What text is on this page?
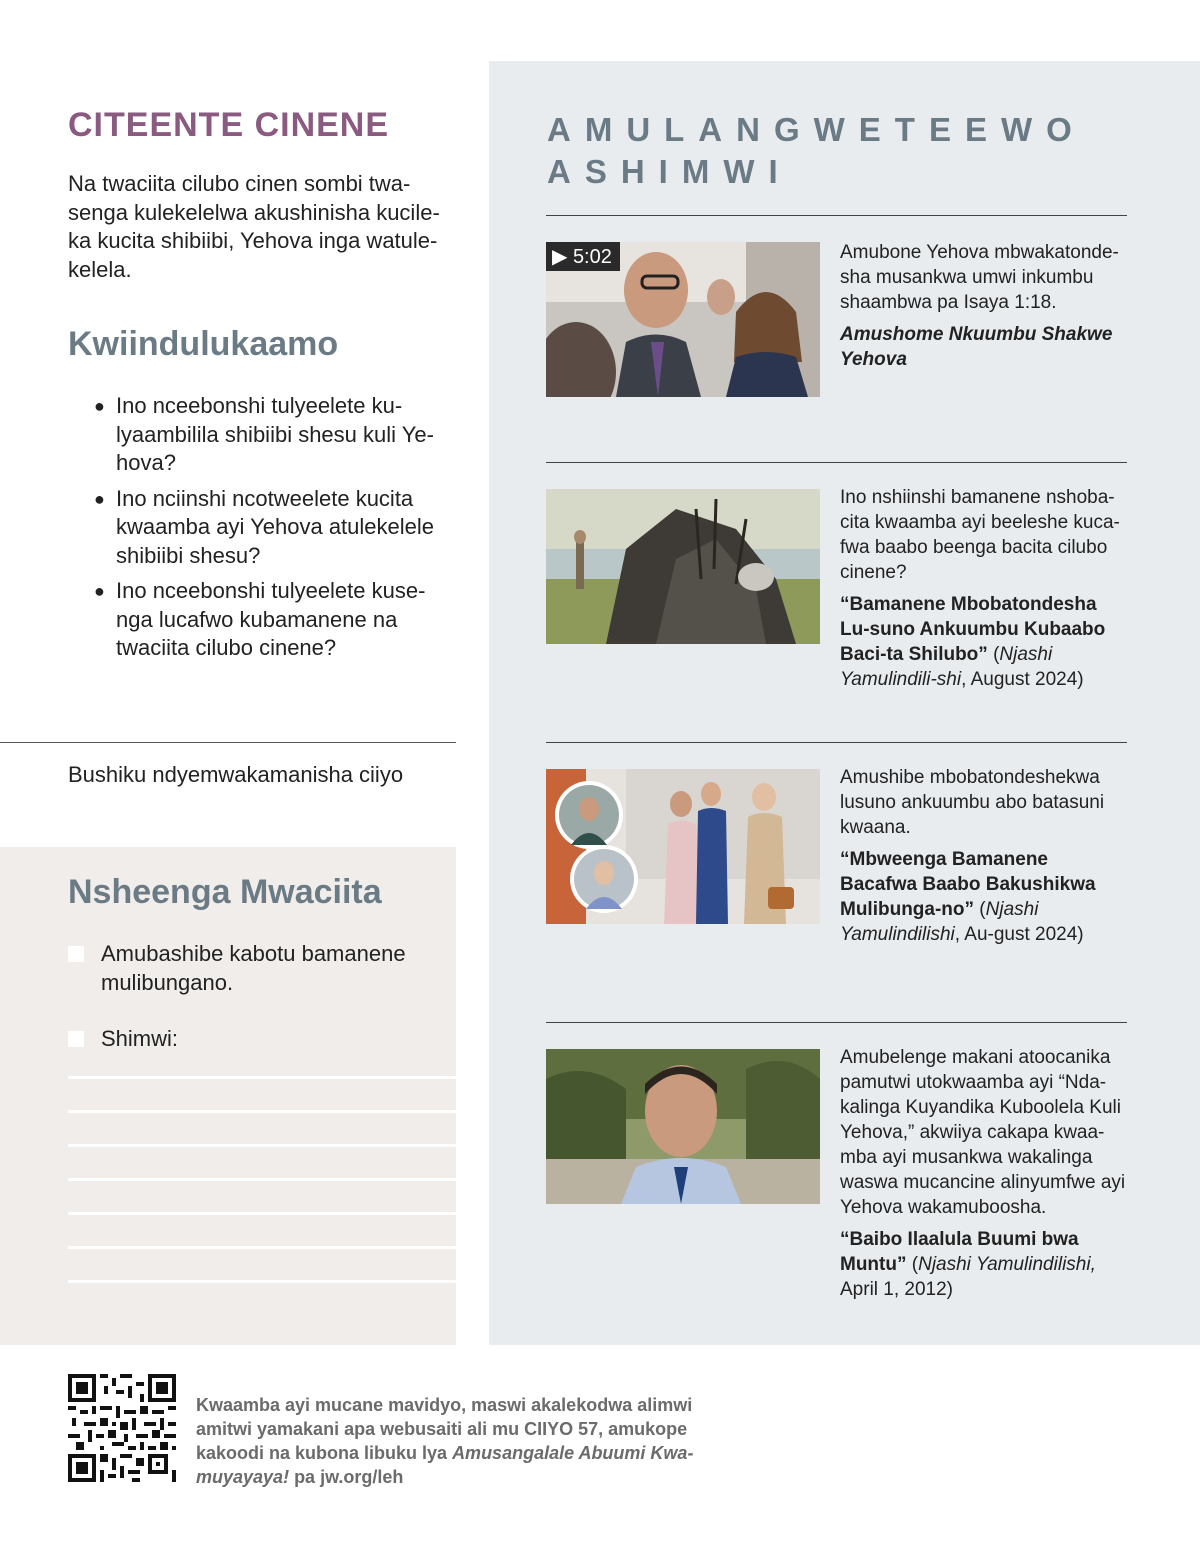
CITEENTE CINENE

Na twaciita cilubo cinen sombi twa-senga kulekelelwa akushinisha kucile-ka kucita shibiibi, Yehova inga watule-kelela.

Kwiindulukaamo
● Ino nceebonshi tulyeelete ku-lyaambilila shibiibi shesu kuli Ye-hova?
● Ino nciinshi ncotweelete kucita kwaamba ayi Yehova atulekelele shibiibi shesu?
● Ino nceebonshi tulyeelete kuse-nga lucafwo kubamanene na twaciita cilubo cinene?
Bushiku ndyemwakamanisha ciiyo
Nsheenga Mwaciita
Amubashibe kabotu bamanene mulibungano.
Shimwi:
AMULANGWETEEWO ASHIMWI
▶ 5:02	Amubone Yehova mbwakatonde-sha musankwa umwi inkumbu shaambwa pa Isaya 1:18.
Amushome Nkuumbu Shakwe Yehova
Ino nshiinshi bamanene nshoba-cita kwaamba ayi beeleshe kuca-fwa baabo beenga bacita cilubo cinene?
“Bamanene Mbobatondesha Lu-suno Ankuumbu Kubaabo Baci-ta Shilubo” (Njashi Yamulindili-shi, August 2024)
Amushibe mbobatondeshekwa lusuno ankuumbu abo batasuni kwaana.
“Mbweenga Bamanene Bacafwa Baabo Bakushikwa Mulibunga-no” (Njashi Yamulindilishi, Au-gust 2024)
Amubelenge makani atoocanika pamutwi utokwaamba ayi “Nda-kalinga Kuyandika Kuboolela Kuli Yehova,” akwiiya cakapa kwaa-mba ayi musankwa wakalinga waswa mucancine alinyumfwe ayi Yehova wakamuboosha.
“Baibo Ilaalula Buumi bwa Muntu” (Njashi Yamulindilishi, April 1, 2012)
Kwaamba ayi mucane mavidyo, maswi akalekodwa alimwi amitwi yamakani apa webusaiti ali mu CIIYO 57, amukope kakoodi na kubona libuku lya Amusangalale Abuumi Kwa-muyayaya! pa jw.org/leh
